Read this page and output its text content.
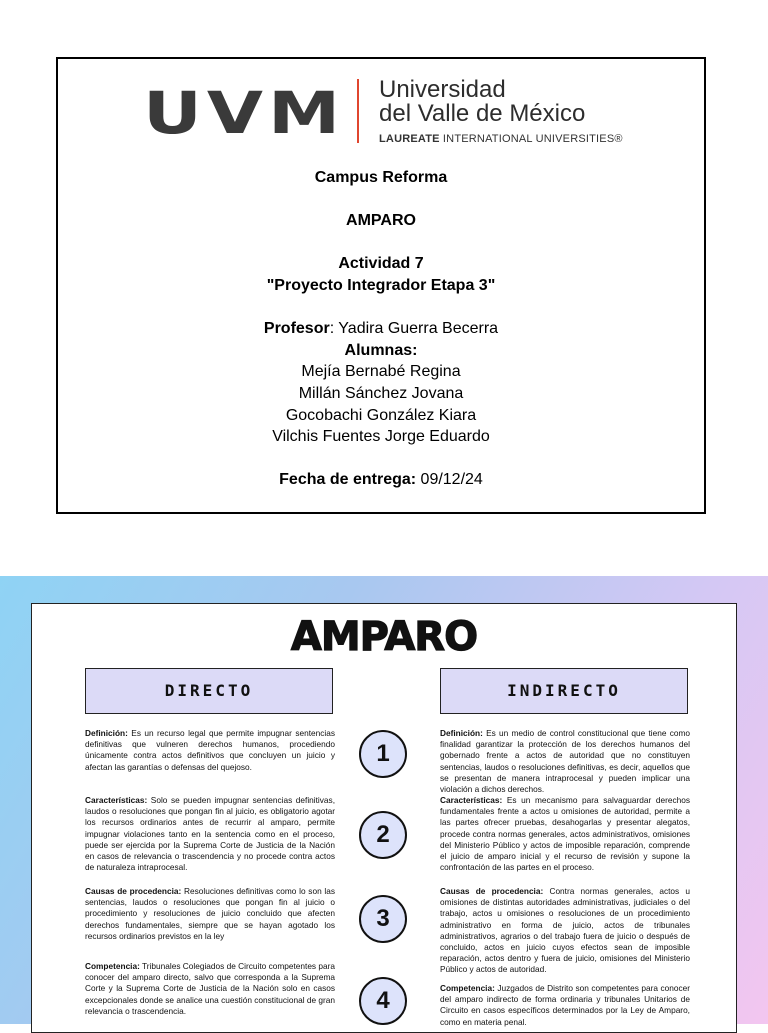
UVM Universidad
del Valle de México
LAUREATE INTERNATIONAL UNIVERSITIES®
Campus Reforma
AMPARO
Actividad 7
"Proyecto Integrador Etapa 3"
Profesor: Yadira Guerra Becerra
Alumnas:
Mejía Bernabé Regina
Millán Sánchez Jovana
Gocobachi González Kiara
Vilchis Fuentes Jorge Eduardo
Fecha de entrega: 09/12/24
AMPARO
DIRECTO	INDIRECTO

Definición: Es un recurso legal que permite impugnar sentencias definitivas que vulneren derechos humanos, procediendo únicamente contra actos definitivos que concluyen un juicio y afectan las garantías o defensas del quejoso.

Características: Solo se pueden impugnar sentencias definitivas, laudos o resoluciones que pongan fin al juicio, es obligatorio agotar los recursos ordinarios antes de recurrir al amparo, permite impugnar violaciones tanto en la sentencia como en el proceso, puede ser ejercida por la Suprema Corte de Justicia de la Nación en casos de relevancia o trascendencia y no procede contra actos de naturaleza intraprocesal.

Causas de procedencia: Resoluciones definitivas como lo son las sentencias, laudos o resoluciones que pongan fin al juicio o procedimiento y resoluciones de juicio concluido que afecten derechos fundamentales, siempre que se hayan agotado los recursos ordinarios previstos en la ley

Competencia: Tribunales Colegiados de Circuito competentes para conocer del amparo directo, salvo que corresponda a la Suprema Corte y la Suprema Corte de Justicia de la Nación solo en casos excepcionales donde se analice una cuestión constitucional de gran relevancia o trascendencia.

1
2
3
4

Definición: Es un medio de control constitucional que tiene como finalidad garantizar la protección de los derechos humanos del gobernado frente a actos de autoridad que no constituyen sentencias, laudos o resoluciones definitivas, es decir, aquellos que se presentan de manera intraprocesal y pueden implicar una violación a dichos derechos.

Características: Es un mecanismo para salvaguardar derechos fundamentales frente a actos u omisiones de autoridad, permite a las partes ofrecer pruebas, desahogarlas y presentar alegatos, procede contra normas generales, actos administrativos, omisiones del Ministerio Público y actos de imposible reparación, comprende el juicio de amparo inicial y el recurso de revisión y supone la confrontación de las partes en el proceso.

Causas de procedencia: Contra normas generales, actos u omisiones de distintas autoridades administrativas, judiciales o del trabajo, actos u omisiones o resoluciones de un procedimiento administrativo en forma de juicio, actos de tribunales administrativos, agrarios o del trabajo fuera de juicio o después de concluido, actos en juicio cuyos efectos sean de imposible reparación, actos dentro y fuera de juicio, omisiones del Ministerio Público y actos de autoridad.

Competencia: Juzgados de Distrito son competentes para conocer del amparo indirecto de forma ordinaria y tribunales Unitarios de Circuito en casos específicos determinados por la Ley de Amparo, como en materia penal.
